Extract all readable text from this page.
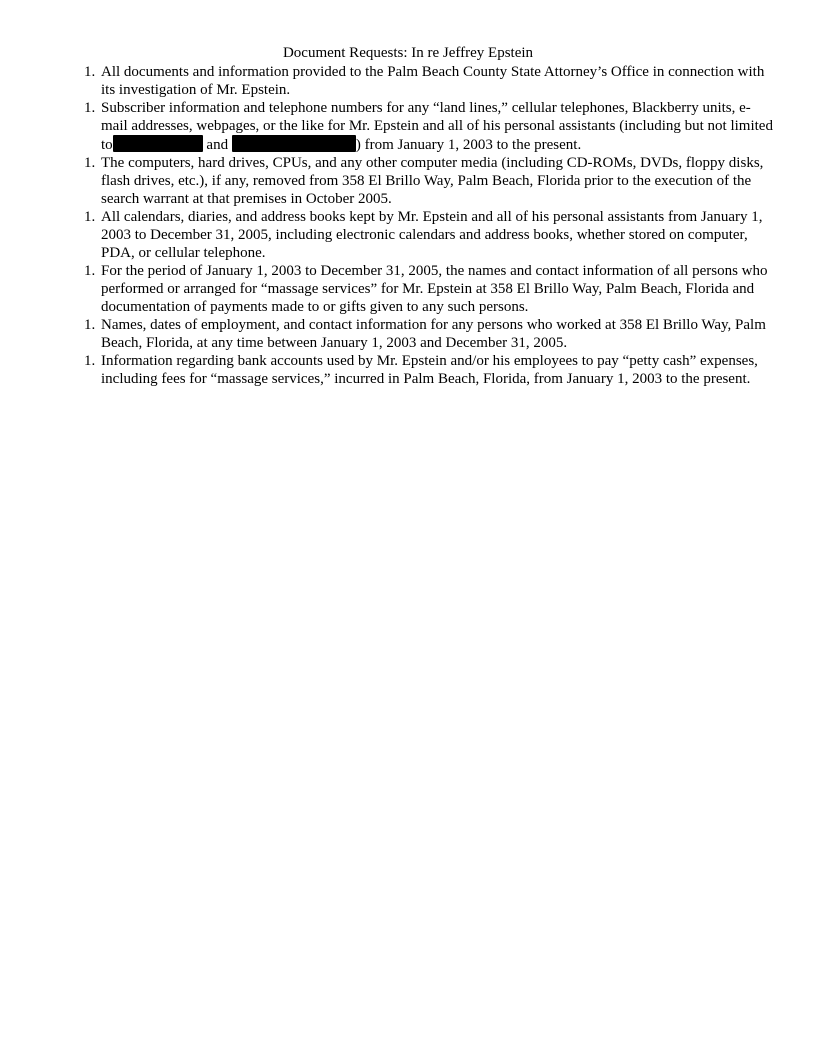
Document Requests: In re Jeffrey Epstein
1. All documents and information provided to the Palm Beach County State Attorney’s Office in connection with its investigation of Mr. Epstein.
1. Subscriber information and telephone numbers for any “land lines,” cellular telephones, Blackberry units, e-mail addresses, webpages, or the like for Mr. Epstein and all of his personal assistants (including but not limited to	and	) from January 1, 2003 to the present.
1. The computers, hard drives, CPUs, and any other computer media (including CD-ROMs, DVDs, floppy disks, flash drives, etc.), if any, removed from 358 El Brillo Way, Palm Beach, Florida prior to the execution of the search warrant at that premises in October 2005.
1. All calendars, diaries, and address books kept by Mr. Epstein and all of his personal assistants from January 1, 2003 to December 31, 2005, including electronic calendars and address books, whether stored on computer, PDA, or cellular telephone.
1. For the period of January 1, 2003 to December 31, 2005, the names and contact information of all persons who performed or arranged for “massage services” for Mr. Epstein at 358 El Brillo Way, Palm Beach, Florida and documentation of payments made to or gifts given to any such persons.
1. Names, dates of employment, and contact information for any persons who worked at 358 El Brillo Way, Palm Beach, Florida, at any time between January 1, 2003 and December 31, 2005.
1. Information regarding bank accounts used by Mr. Epstein and/or his employees to pay “petty cash” expenses, including fees for “massage services,” incurred in Palm Beach, Florida, from January 1, 2003 to the present.
